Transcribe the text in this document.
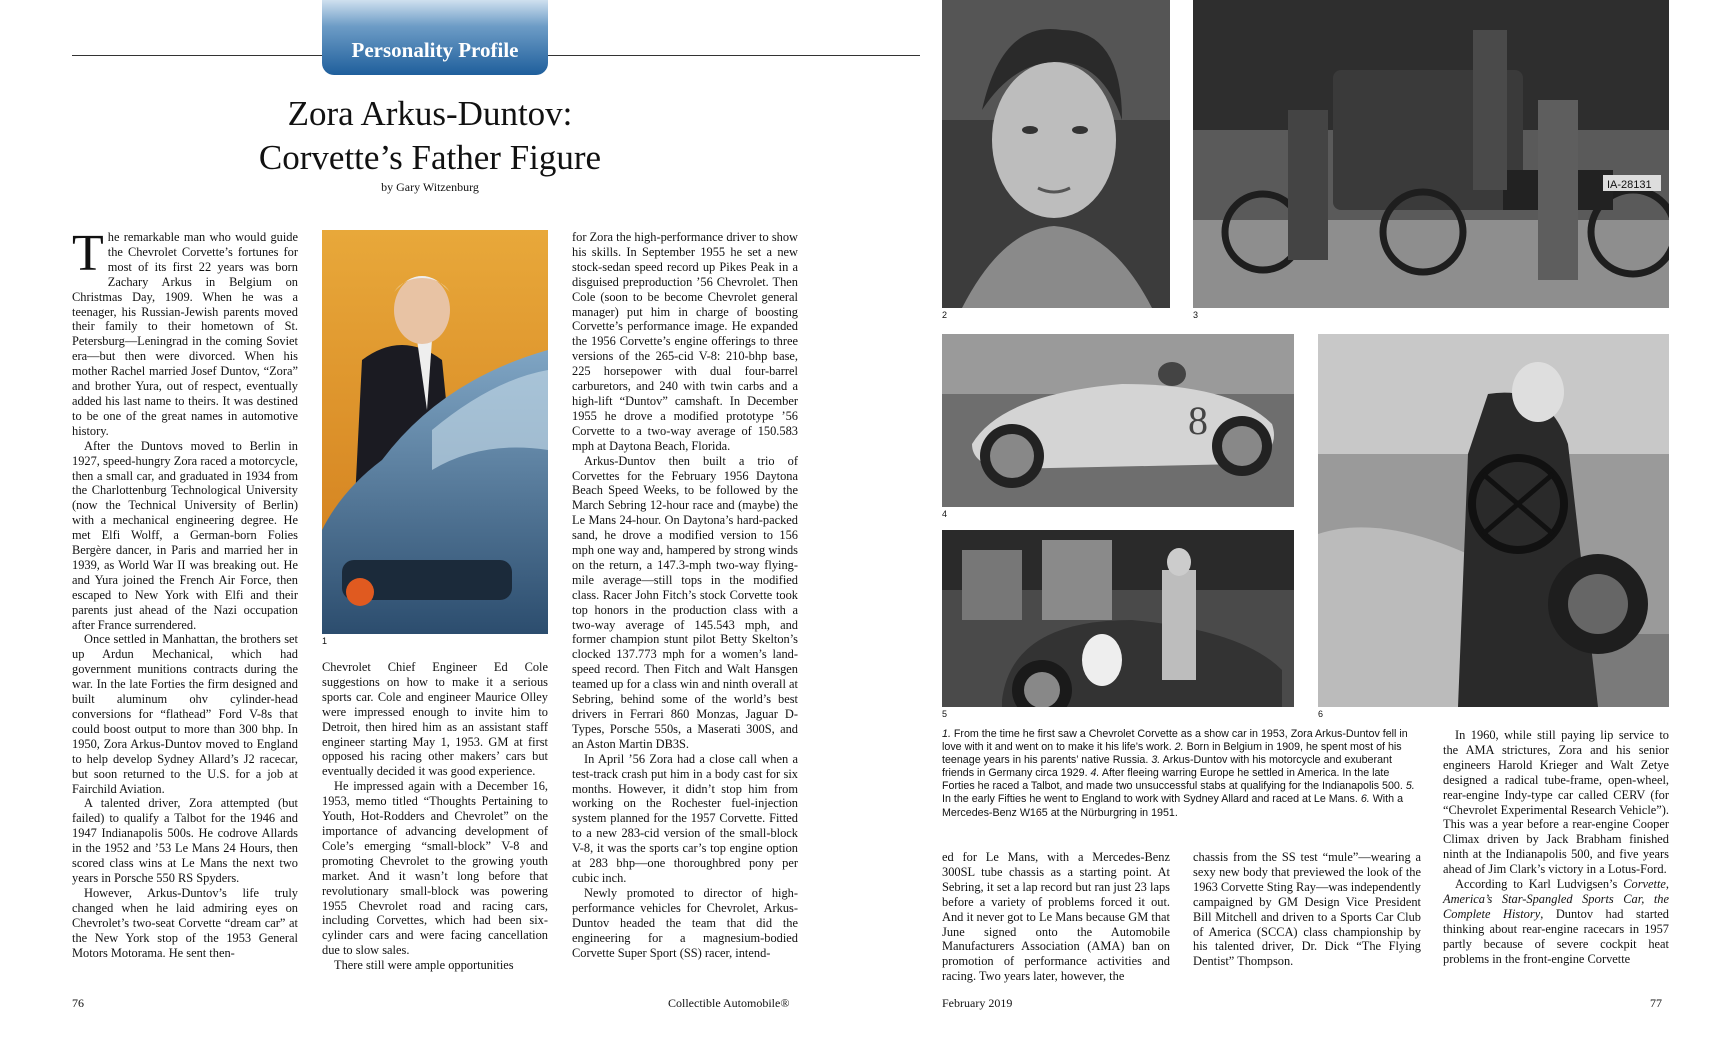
Personality Profile
Zora Arkus-Duntov:
Corvette’s Father Figure
by Gary Witzenburg

The remarkable man who would guide the Chevrolet Corvette’s fortunes for most of its first 22 years was born Zachary Arkus in Belgium on Christmas Day, 1909. When he was a teenager, his Russian-Jewish parents moved their family to their hometown of St. Petersburg—Leningrad in the coming Soviet era—but then were divorced. When his mother Rachel married Josef Duntov, “Zora” and brother Yura, out of respect, eventually added his last name to theirs. It was destined to be one of the great names in automotive history.

After the Duntovs moved to Berlin in 1927, speed-hungry Zora raced a motorcycle, then a small car, and graduated in 1934 from the Charlottenburg Technological University (now the Technical University of Berlin) with a mechanical engineering degree. He met Elfi Wolff, a German-born Folies Bergère dancer, in Paris and married her in 1939, as World War II was breaking out. He and Yura joined the French Air Force, then escaped to New York with Elfi and their parents just ahead of the Nazi occupation after France surrendered.

Once settled in Manhattan, the brothers set up Ardun Mechanical, which had government munitions contracts during the war. In the late Forties the firm designed and built aluminum ohv cylinder-head conversions for “flathead” Ford V-8s that could boost output to more than 300 bhp. In 1950, Zora Arkus-Duntov moved to England to help develop Sydney Allard’s J2 racecar, but soon returned to the U.S. for a job at Fairchild Aviation.

A talented driver, Zora attempted (but failed) to qualify a Talbot for the 1946 and 1947 Indianapolis 500s. He codrove Allards in the 1952 and ’53 Le Mans 24 Hours, then scored class wins at Le Mans the next two years in Porsche 550 RS Spyders.

However, Arkus-Duntov’s life truly changed when he laid admiring eyes on Chevrolet’s two-seat Corvette “dream car” at the New York stop of the 1953 General Motors Motorama. He sent then-

1

Chevrolet Chief Engineer Ed Cole suggestions on how to make it a serious sports car. Cole and engineer Maurice Olley were impressed enough to invite him to Detroit, then hired him as an assistant staff engineer starting May 1, 1953. GM at first opposed his racing other makers’ cars but eventually decided it was good experience.

He impressed again with a December 16, 1953, memo titled “Thoughts Pertaining to Youth, Hot-Rodders and Chevrolet” on the importance of advancing development of Cole’s emerging “small-block” V-8 and promoting Chevrolet to the growing youth market. And it wasn’t long before that revolutionary small-block was powering 1955 Chevrolet road and racing cars, including Corvettes, which had been six-cylinder cars and were facing cancellation due to slow sales.

There still were ample opportunities

for Zora the high-performance driver to show his skills. In September 1955 he set a new stock-sedan speed record up Pikes Peak in a disguised preproduction ’56 Chevrolet. Then Cole (soon to be become Chevrolet general manager) put him in charge of boosting Corvette’s performance image. He expanded the 1956 Corvette’s engine offerings to three versions of the 265-cid V-8: 210-bhp base, 225 horsepower with dual four-barrel carburetors, and 240 with twin carbs and a high-lift “Duntov” camshaft. In December 1955 he drove a modified prototype ’56 Corvette to a two-way average of 150.583 mph at Daytona Beach, Florida.

Arkus-Duntov then built a trio of Corvettes for the February 1956 Daytona Beach Speed Weeks, to be followed by the March Sebring 12-hour race and (maybe) the Le Mans 24-hour. On Daytona’s hard-packed sand, he drove a modified version to 156 mph one way and, hampered by strong winds on the return, a 147.3-mph two-way flying-mile average—still tops in the modified class. Racer John Fitch’s stock Corvette took top honors in the production class with a two-way average of 145.543 mph, and former champion stunt pilot Betty Skelton’s clocked 137.773 mph for a women’s land-speed record. Then Fitch and Walt Hansgen teamed up for a class win and ninth overall at Sebring, behind some of the world’s best drivers in Ferrari 860 Monzas, Jaguar D-Types, Porsche 550s, a Maserati 300S, and an Aston Martin DB3S.

In April ’56 Zora had a close call when a test-track crash put him in a body cast for six months. However, it didn’t stop him from working on the Rochester fuel-injection system planned for the 1957 Corvette. Fitted to a new 283-cid version of the small-block V-8, it was the sports car’s top engine option at 283 bhp—one thoroughbred pony per cubic inch.

Newly promoted to director of high-performance vehicles for Chevrolet, Arkus-Duntov headed the team that did the engineering for a magnesium-bodied Corvette Super Sport (SS) racer, intend-

2
IA-28131
3
8
4
5	6
1. From the time he first saw a Chevrolet Corvette as a show car in 1953, Zora Arkus-Duntov fell in love with it and went on to make it his life’s work. 2. Born in Belgium in 1909, he spent most of his teenage years in his parents’ native Russia. 3. Arkus-Duntov with his motorcycle and exuberant friends in Germany circa 1929. 4. After fleeing warring Europe he settled in America. In the late Forties he raced a Talbot, and made two unsuccessful stabs at qualifying for the Indianapolis 500. 5. In the early Fifties he went to England to work with Sydney Allard and raced at Le Mans. 6. With a Mercedes-Benz W165 at the Nürburgring in 1951.

ed for Le Mans, with a Mercedes-Benz 300SL tube chassis as a starting point. At Sebring, it set a lap record but ran just 23 laps before a variety of problems forced it out. And it never got to Le Mans because GM that June signed onto the Automobile Manufacturers Association (AMA) ban on promotion of performance activities and racing. Two years later, however, the

chassis from the SS test “mule”—wearing a sexy new body that previewed the look of the 1963 Corvette Sting Ray—was independently campaigned by GM Design Vice President Bill Mitchell and driven to a Sports Car Club of America (SCCA) class championship by his talented driver, Dr. Dick “The Flying Dentist” Thompson.

In 1960, while still paying lip service to the AMA strictures, Zora and his senior engineers Harold Krieger and Walt Zetye designed a radical tube-frame, open-wheel, rear-engine Indy-type car called CERV (for “Chevrolet Experimental Research Vehicle”). This was a year before a rear-engine Cooper Climax driven by Jack Brabham finished ninth at the Indianapolis 500, and five years ahead of Jim Clark’s victory in a Lotus-Ford.

According to Karl Ludvigsen’s Corvette, America’s Star-Spangled Sports Car, the Complete History, Duntov had started thinking about rear-engine racecars in 1957 partly because of severe cockpit heat problems in the front-engine Corvette

76	Collectible Automobile®	February 2019	77
